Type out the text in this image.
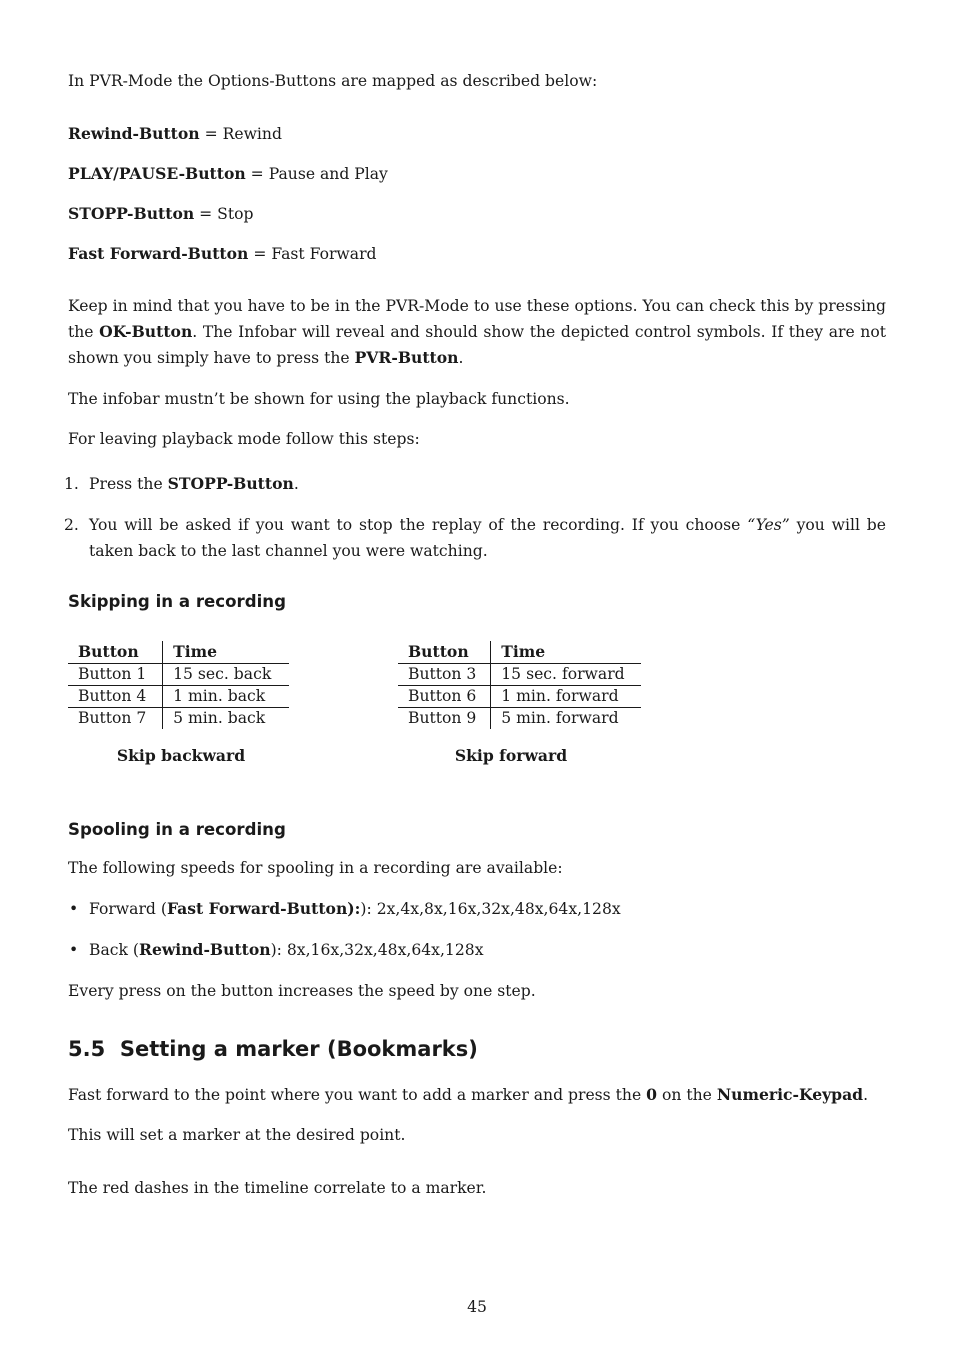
In PVR-Mode the Options-Buttons are mapped as described below:
Rewind-Button = Rewind
PLAY/PAUSE-Button = Pause and Play
STOPP-Button = Stop
Fast Forward-Button = Fast Forward
Keep in mind that you have to be in the PVR-Mode to use these options. You can check this by pressing the OK-Button. The Infobar will reveal and should show the depicted control symbols. If they are not shown you simply have to press the PVR-Button.
The infobar mustn’t be shown for using the playback functions.
For leaving playback mode follow this steps:
1. Press the STOPP-Button.
2. You will be asked if you want to stop the replay of the recording. If you choose “Yes” you will be taken back to the last channel you were watching.
Skipping in a recording
Button	Time
Button 1	15 sec. back
Button 4	1 min. back
Button 7	5 min. back
Skip backward
Button	Time
Button 3	15 sec. forward
Button 6	1 min. forward
Button 9	5 min. forward
Skip forward
Spooling in a recording
The following speeds for spooling in a recording are available:
• Forward (Fast Forward-Button):): 2x,4x,8x,16x,32x,48x,64x,128x
• Back (Rewind-Button): 8x,16x,32x,48x,64x,128x
Every press on the button increases the speed by one step.
5.5 Setting a marker (Bookmarks)
Fast forward to the point where you want to add a marker and press the 0 on the Numeric-Keypad.
This will set a marker at the desired point.
The red dashes in the timeline correlate to a marker.
45
